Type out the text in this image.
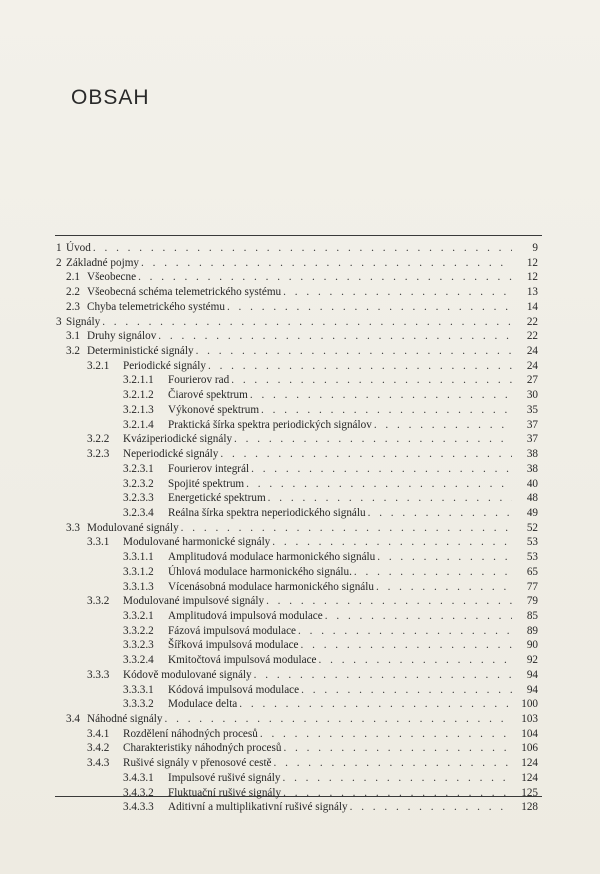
OBSAH
1 Úvod . . .	9
2 Základné pojmy . . .	12
2.1 Všeobecne . . .	12
2.2 Všeobecná schéma telemetrického systému . . .	13
2.3 Chyba telemetrického systému . . .	14
3 Signály . . .	22
3.1 Druhy signálov . . .	22
3.2 Deterministické signály . . .	24
3.2.1	Periodické signály . . .	24
3.2.1.1	Fourierov rad . . .	27
3.2.1.2	Čiarové spektrum . . .	30
3.2.1.3	Výkonové spektrum . . .	35
3.2.1.4	Praktická šírka spektra periodických signálov . . .	37
3.2.2	Kváziperiodické signály . . .	37
3.2.3	Neperiodické signály . . .	38
3.2.3.1	Fourierov integrál . . .	38
3.2.3.2	Spojité spektrum . . .	40
3.2.3.3	Energetické spektrum . . .	48
3.2.3.4	Reálna šírka spektra neperiodického signálu . . .	49
3.3 Modulované signály . . .	52
3.3.1	Modulované harmonické signály . . .	53
3.3.1.1	Amplitudová modulace harmonického signálu . . .	53
3.3.1.2	Úhlová modulace harmonického signálu. . . .	65
3.3.1.3	Vícenásobná modulace harmonického signálu . . .	77
3.3.2	Modulované impulsové signály . . .	79
3.3.2.1	Amplitudová impulsová modulace . . .	85
3.3.2.2	Fázová impulsová modulace . . .	89
3.3.2.3	Šířková impulsová modulace . . .	90
3.3.2.4	Kmitočtová impulsová modulace . . .	92
3.3.3	Kódově modulované signály . . .	94
3.3.3.1	Kódová impulsová modulace . . .	94
3.3.3.2	Modulace delta . . .	100
3.4 Náhodné signály . . .	103
3.4.1	Rozdělení náhodných procesů . . .	104
3.4.2	Charakteristiky náhodných procesů . . .	106
3.4.3	Rušivé signály v přenosové cestě . . .	124
3.4.3.1	Impulsové rušivé signály . . .	124
3.4.3.2	Fluktuační rušivé signály . . .	125
3.4.3.3	Aditivní a multiplikativní rušivé signály . . .	128
